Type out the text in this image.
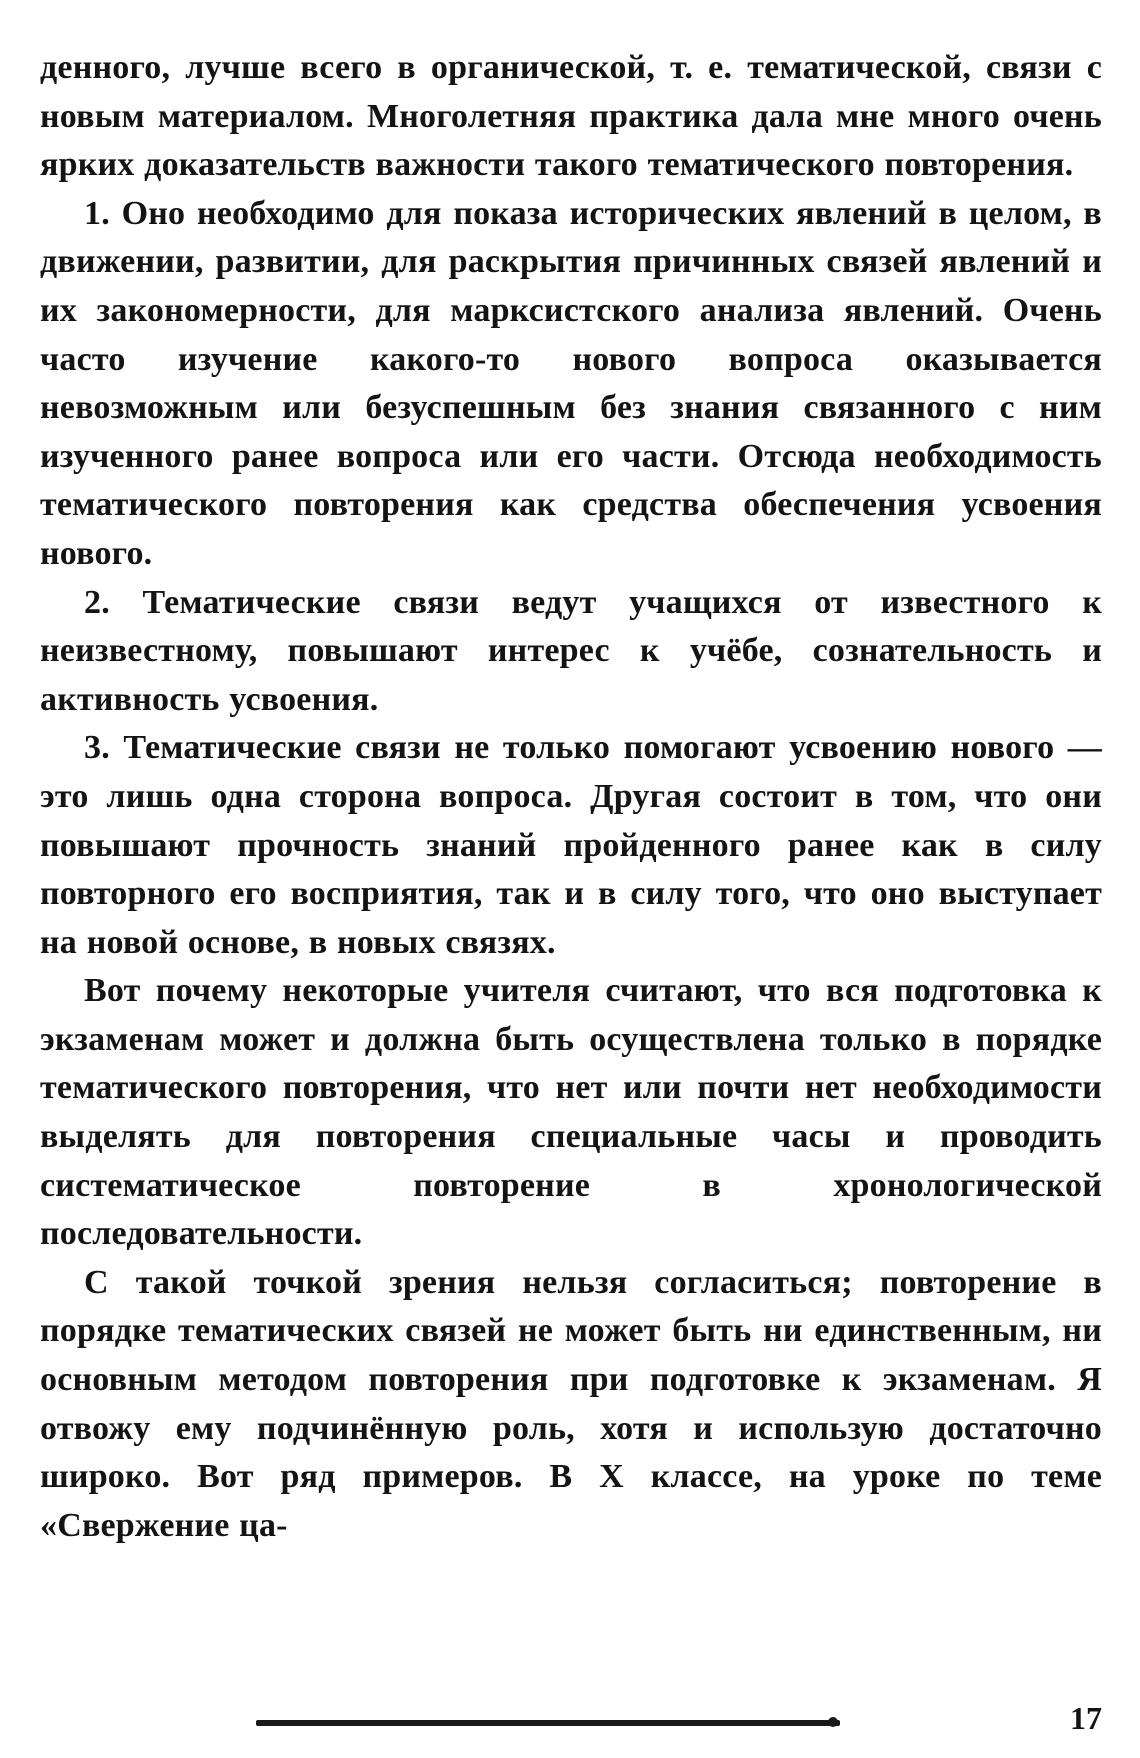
денного, лучше всего в органической, т. е. тематической, связи с новым материалом. Многолетняя практика дала мне много очень ярких доказательств важности такого тематического повторения.

1. Оно необходимо для показа исторических явлений в целом, в движении, развитии, для раскрытия причинных связей явлений и их закономерности, для марксистского анализа явлений. Очень часто изучение какого-то нового вопроса оказывается невозможным или безуспешным без знания связанного с ним изученного ранее вопроса или его части. Отсюда необходимость тематического повторения как средства обеспечения усвоения нового.

2. Тематические связи ведут учащихся от известного к неизвестному, повышают интерес к учёбе, сознательность и активность усвоения.

3. Тематические связи не только помогают усвоению нового — это лишь одна сторона вопроса. Другая состоит в том, что они повышают прочность знаний пройденного ранее как в силу повторного его восприятия, так и в силу того, что оно выступает на новой основе, в новых связях.

Вот почему некоторые учителя считают, что вся подготовка к экзаменам может и должна быть осуществлена только в порядке тематического повторения, что нет или почти нет необходимости выделять для повторения специальные часы и проводить систематическое повторение в хронологической последовательности.

С такой точкой зрения нельзя согласиться; повторение в порядке тематических связей не может быть ни единственным, ни основным методом повторения при подготовке к экзаменам. Я отвожу ему подчинённую роль, хотя и использую достаточно широко. Вот ряд примеров. В X классе, на уроке по теме «Свержение ца-

17
